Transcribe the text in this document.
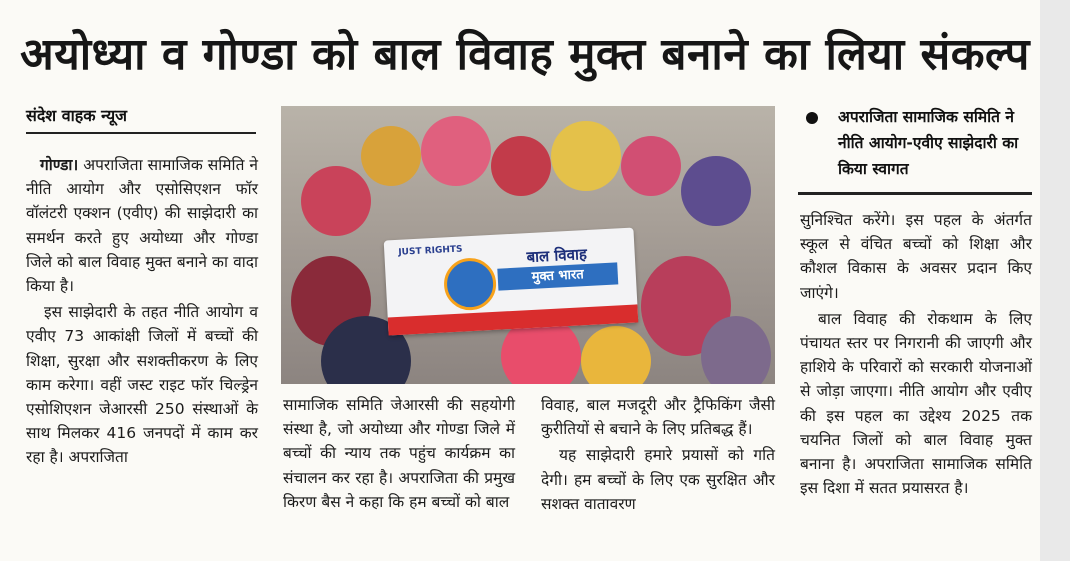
अयोध्या व गोण्डा को बाल विवाह मुक्त बनाने का लिया संकल्प
संदेश वाहक न्यूज

गोण्डा। अपराजिता सामाजिक समिति ने नीति आयोग और एसोसिएशन फॉर वॉलंटरी एक्शन (एवीए) की साझेदारी का समर्थन करते हुए अयोध्या और गोण्डा जिले को बाल विवाह मुक्त बनाने का वादा किया है।

इस साझेदारी के तहत नीति आयोग व एवीए 73 आकांक्षी जिलों में बच्चों की शिक्षा, सुरक्षा और सशक्तीकरण के लिए काम करेगा। वहीं जस्ट राइट फॉर चिल्ड्रेन एसोशिएशन जेआरसी 250 संस्थाओं के साथ मिलकर 416 जनपदों में काम कर रहा है। अपराजिता

JUST RIGHTS	बाल विवाह
मुक्त भारत

सामाजिक समिति जेआरसी की सहयोगी संस्था है, जो अयोध्या और गोण्डा जिले में बच्चों की न्याय तक पहुंच कार्यक्रम का संचालन कर रहा है। अपराजिता की प्रमुख किरण बैस ने कहा कि हम बच्चों को बाल

विवाह, बाल मजदूरी और ट्रैफिकिंग जैसी कुरीतियों से बचाने के लिए प्रतिबद्ध हैं।

यह साझेदारी हमारे प्रयासों को गति देगी। हम बच्चों के लिए एक सुरक्षित और सशक्त वातावरण

अपराजिता सामाजिक समिति ने नीति आयोग-एवीए साझेदारी का किया स्वागत

सुनिश्चित करेंगे। इस पहल के अंतर्गत स्कूल से वंचित बच्चों को शिक्षा और कौशल विकास के अवसर प्रदान किए जाएंगे।

बाल विवाह की रोकथाम के लिए पंचायत स्तर पर निगरानी की जाएगी और हाशिये के परिवारों को सरकारी योजनाओं से जोड़ा जाएगा। नीति आयोग और एवीए की इस पहल का उद्देश्य 2025 तक चयनित जिलों को बाल विवाह मुक्त बनाना है। अपराजिता सामाजिक समिति इस दिशा में सतत प्रयासरत है।
